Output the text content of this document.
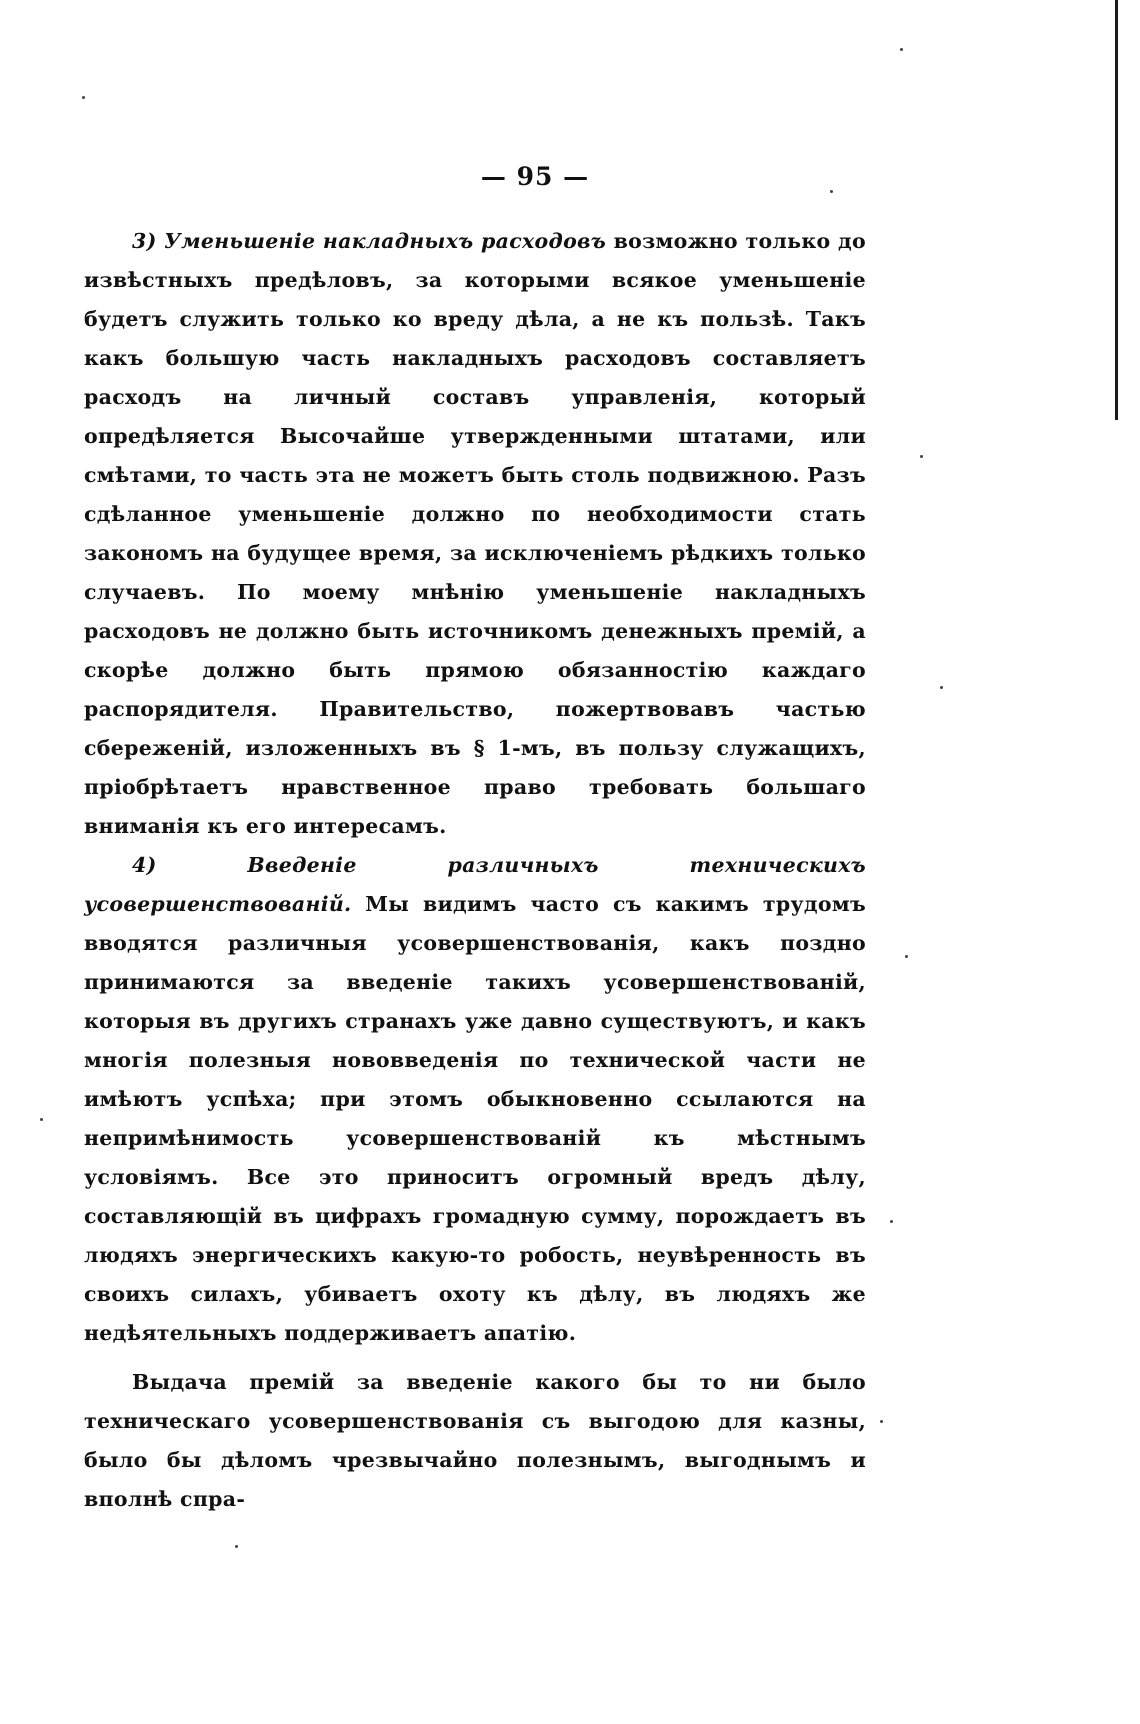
— 95 —

3) Уменьшеніе накладныхъ расходовъ возможно только до извѣстныхъ предѣловъ, за которыми всякое уменьшеніе будетъ служить только ко вреду дѣла, а не къ пользѣ. Такъ какъ большую часть накладныхъ расходовъ составляетъ расходъ на личный составъ управленія, который опредѣляется Высочайше утвержденными штатами, или смѣтами, то часть эта не можетъ быть столь подвижною. Разъ сдѣланное уменьшеніе должно по необходимости стать закономъ на будущее время, за исключеніемъ рѣдкихъ только случаевъ. По моему мнѣнію уменьшеніе накладныхъ расходовъ не должно быть источникомъ денежныхъ премій, а скорѣе должно быть прямою обязанностію каждаго распорядителя. Правительство, пожертвовавъ частью сбереженій, изложенныхъ въ § 1-мъ, въ пользу служащихъ, пріобрѣтаетъ нравственное право требовать большаго вниманія къ его интересамъ.

4) Введеніе различныхъ техническихъ усовершенствованій. Мы видимъ часто съ какимъ трудомъ вводятся различныя усовершенствованія, какъ поздно принимаются за введеніе такихъ усовершенствованій, которыя въ другихъ странахъ уже давно существуютъ, и какъ многія полезныя нововведенія по технической части не имѣютъ успѣха; при этомъ обыкновенно ссылаются на непримѣнимость усовершенствованій къ мѣстнымъ условіямъ. Все это приноситъ огромный вредъ дѣлу, составляющій въ цифрахъ громадную сумму, порождаетъ въ людяхъ энергическихъ какую-то робость, неувѣренность въ своихъ силахъ, убиваетъ охоту къ дѣлу, въ людяхъ же недѣятельныхъ поддерживаетъ апатію.

Выдача премій за введеніе какого бы то ни было техническаго усовершенствованія съ выгодою для казны, было бы дѣломъ чрезвычайно полезнымъ, выгоднымъ и вполнѣ спра-
